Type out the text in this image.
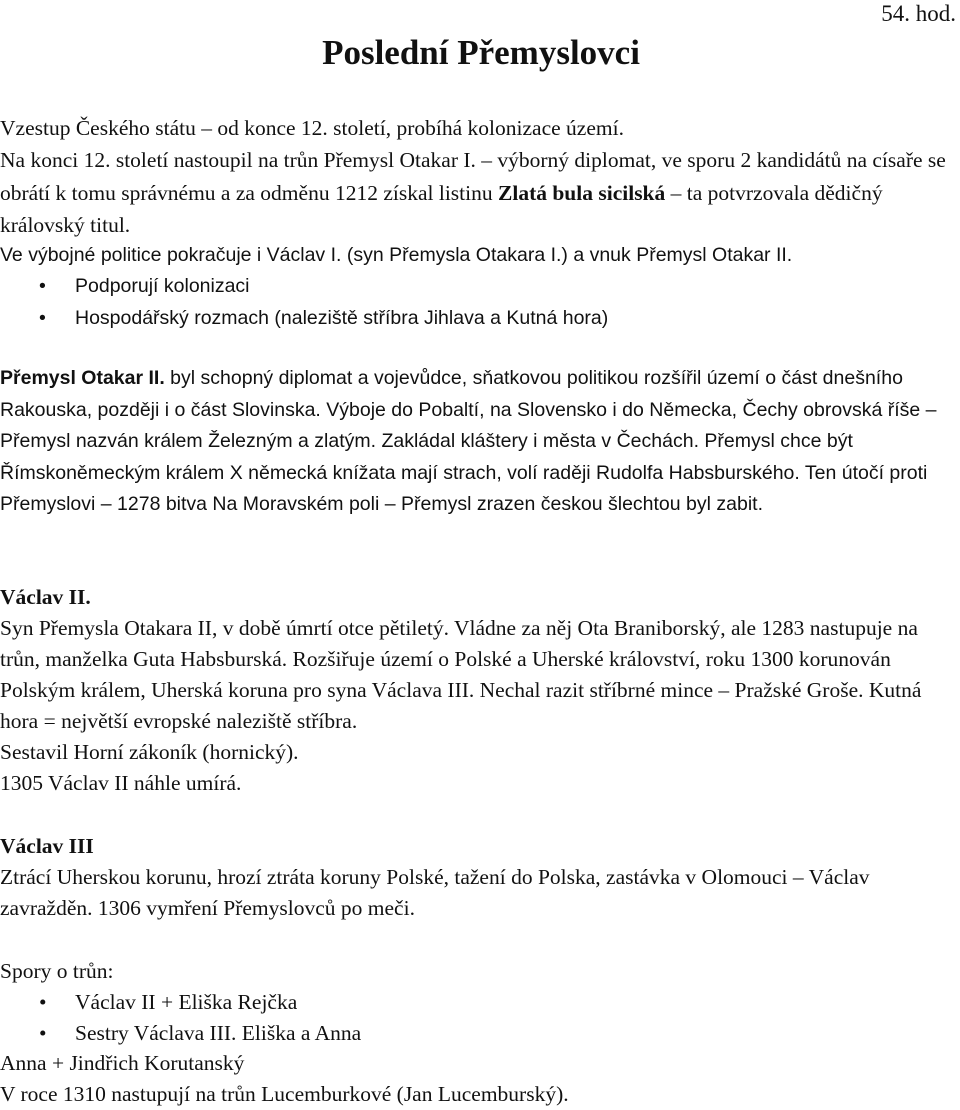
54. hod.
Poslední Přemyslovci

Vzestup Českého státu – od konce 12. století, probíhá kolonizace území.

Na konci 12. století nastoupil na trůn Přemysl Otakar I. – výborný diplomat, ve sporu 2 kandidátů na císaře se obrátí k tomu správnému a za odměnu 1212 získal listinu Zlatá bula sicilská – ta potvrzovala dědičný královský titul.

Ve výbojné politice pokračuje i Václav I. (syn Přemysla Otakara I.) a vnuk Přemysl Otakar II.
• Podporují kolonizaci
• Hospodářský rozmach (naleziště stříbra Jihlava a Kutná hora)
Přemysl Otakar II. byl schopný diplomat a vojevůdce, sňatkovou politikou rozšířil území o část dnešního Rakouska, později i o část Slovinska. Výboje do Pobaltí, na Slovensko i do Německa, Čechy obrovská říše – Přemysl nazván králem Železným a zlatým. Zakládal kláštery i města v Čechách. Přemysl chce být Římskoněmeckým králem X německá knížata mají strach, volí raději Rudolfa Habsburského. Ten útočí proti Přemyslovi – 1278 bitva Na Moravském poli – Přemysl zrazen českou šlechtou byl zabit.

Václav II.

Syn Přemysla Otakara II, v době úmrtí otce pětiletý. Vládne za něj Ota Braniborský, ale 1283 nastupuje na trůn, manželka Guta Habsburská. Rozšiřuje území o Polské a Uherské království, roku 1300 korunován Polským králem, Uherská koruna pro syna Václava III. Nechal razit stříbrné mince – Pražské Groše. Kutná hora = největší evropské naleziště stříbra.

Sestavil Horní zákoník (hornický).

1305 Václav II náhle umírá.

Václav III

Ztrácí Uherskou korunu, hrozí ztráta koruny Polské, tažení do Polska, zastávka v Olomouci – Václav zavražděn. 1306 vymření Přemyslovců po meči.

Spory o trůn:
• Václav II + Eliška Rejčka
• Sestry Václava III. Eliška a Anna

Anna + Jindřich Korutanský

V roce 1310 nastupují na trůn Lucemburkové (Jan Lucemburský).
